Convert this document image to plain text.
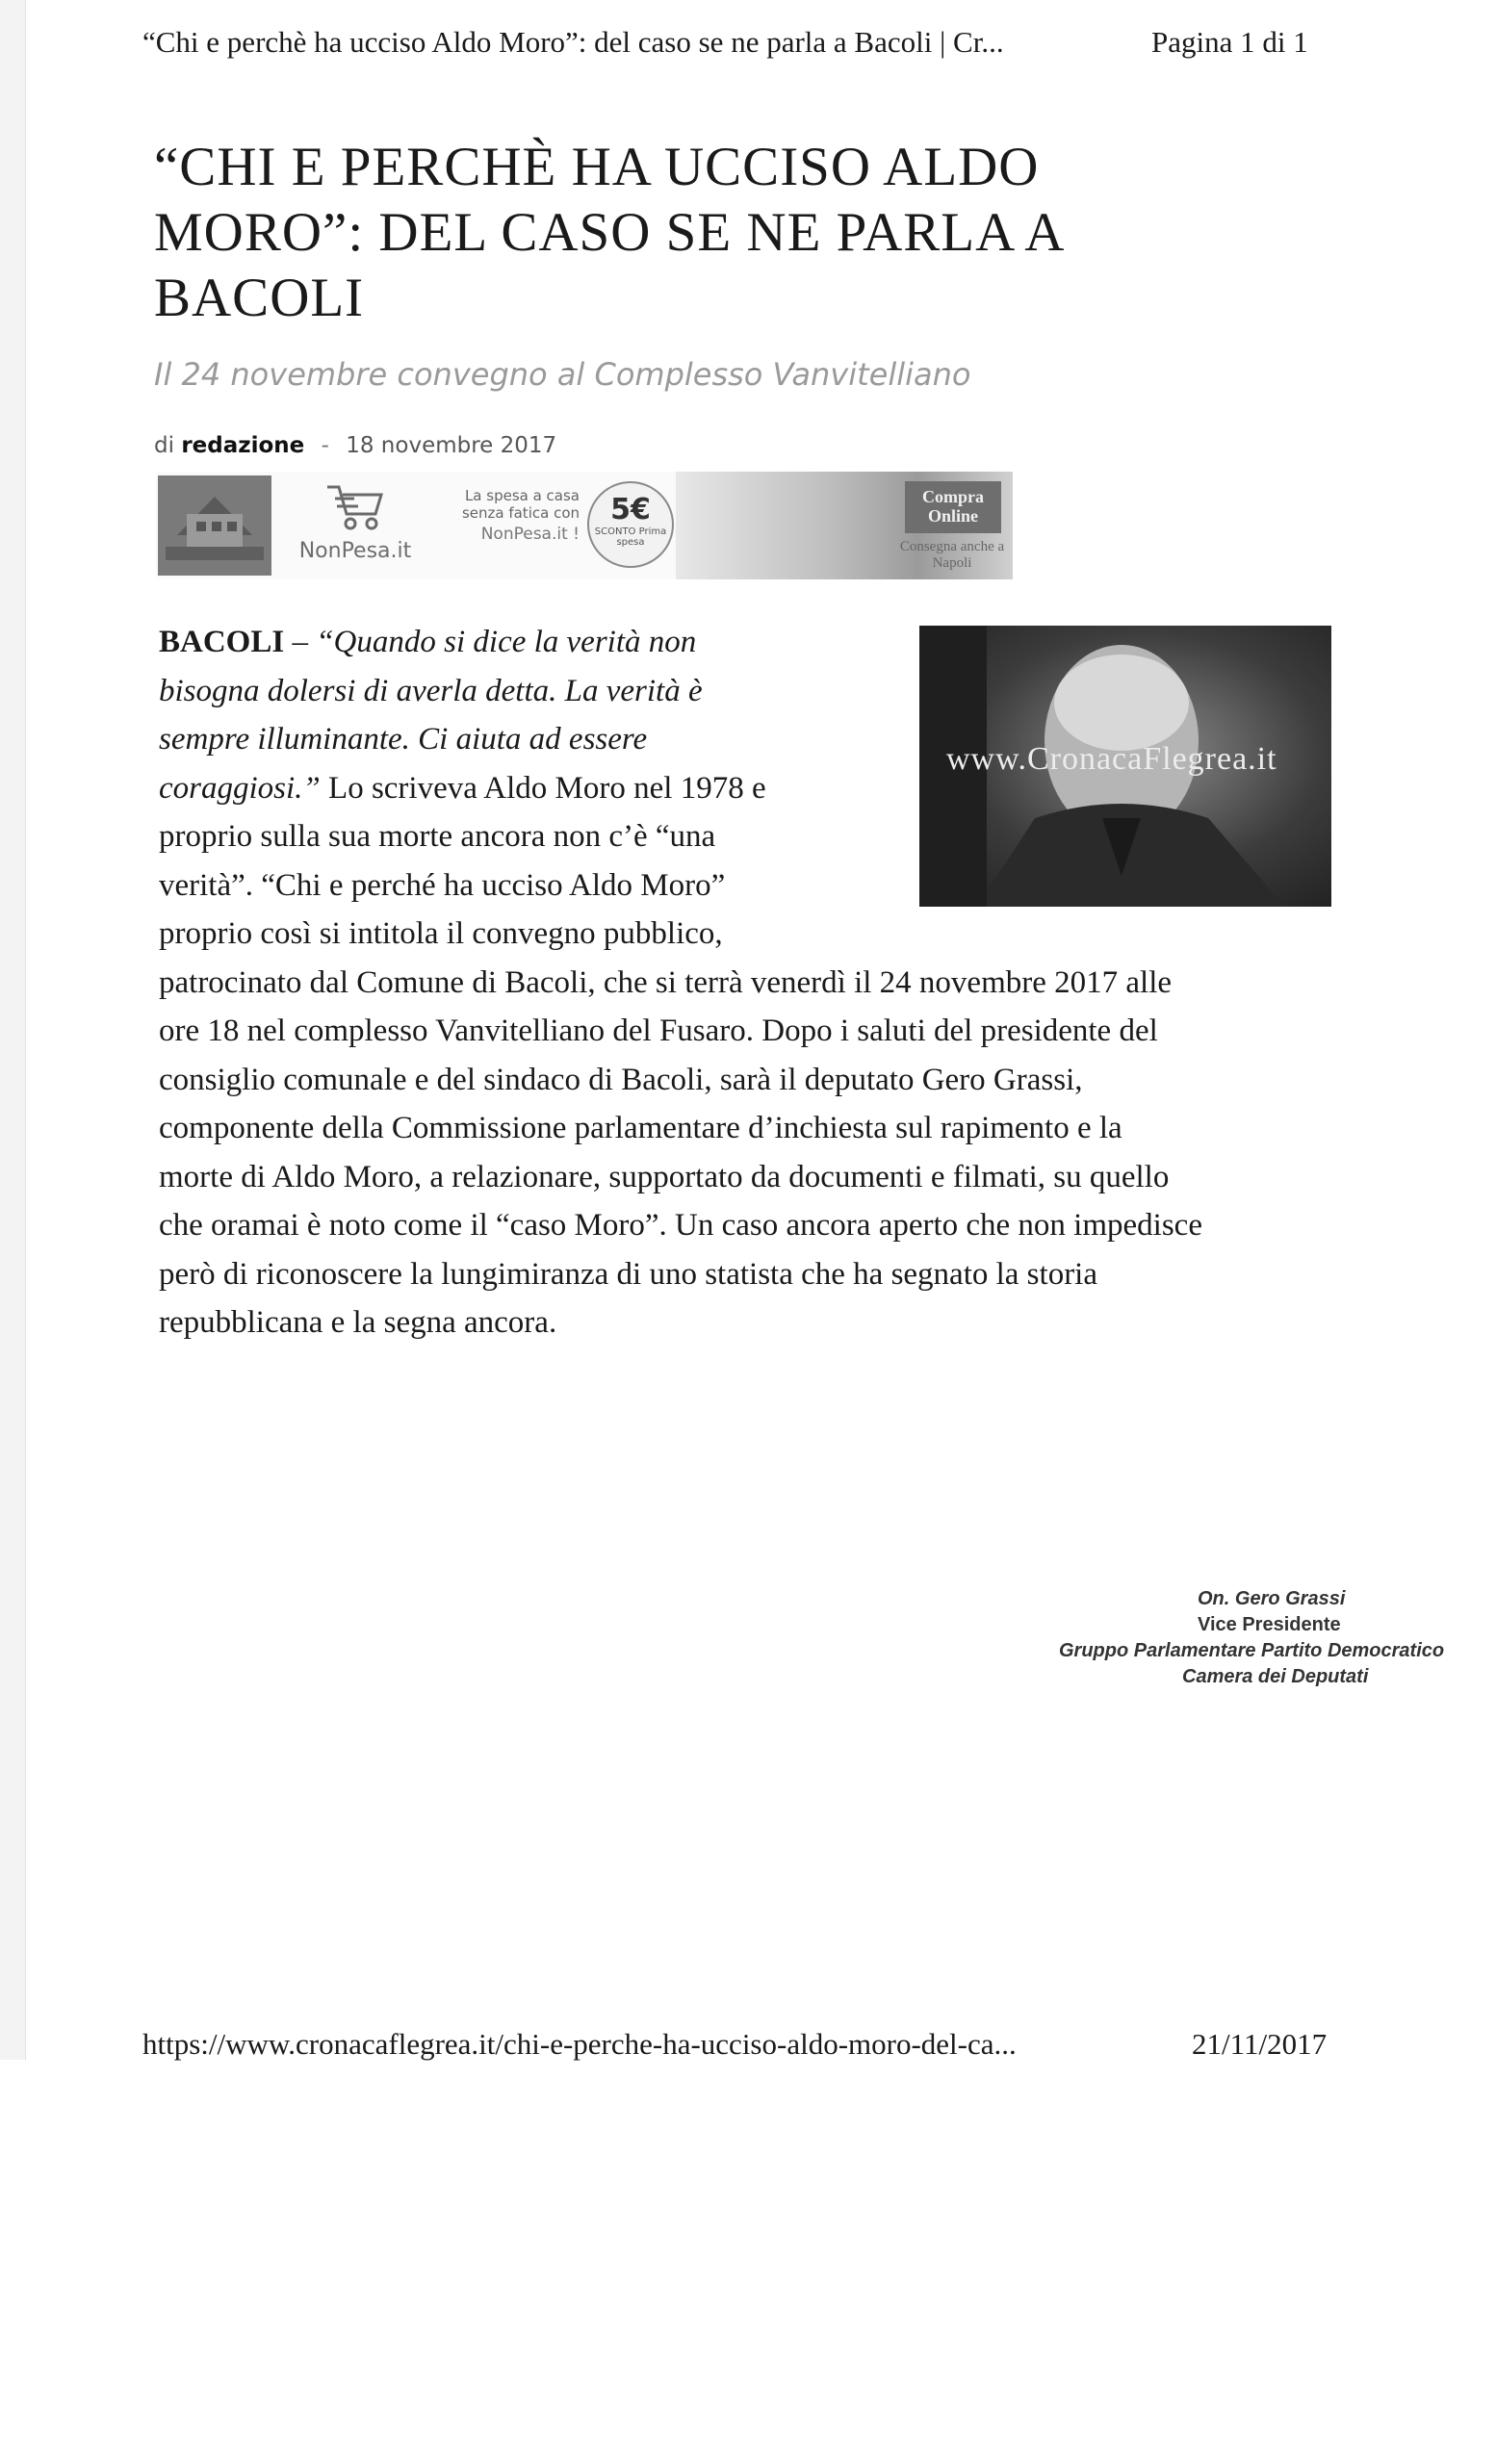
“Chi e perchè ha ucciso Aldo Moro”: del caso se ne parla a Bacoli | Cr...	Pagina 1 di 1
“CHI E PERCHÈ HA UCCISO ALDO MORO”: DEL CASO SE NE PARLA A BACOLI
Il 24 novembre convegno al Complesso Vanvitelliano
di redazione - 18 novembre 2017
NonPesa.it
La spesa a casa senza fatica con
NonPesa.it !
5€
SCONTO Prima spesa
Compra Online
Consegna anche a Napoli
www.CronacaFlegrea.it
BACOLI – “Quando si dice la verità non
bisogna dolersi di averla detta. La verità è
sempre illuminante. Ci aiuta ad essere
coraggiosi.” Lo scriveva Aldo Moro nel 1978 e
proprio sulla sua morte ancora non c’è “una
verità”. “Chi e perché ha ucciso Aldo Moro”
proprio così si intitola il convegno pubblico,
patrocinato dal Comune di Bacoli, che si terrà venerdì il 24 novembre 2017 alle
ore 18 nel complesso Vanvitelliano del Fusaro. Dopo i saluti del presidente del
consiglio comunale e del sindaco di Bacoli, sarà il deputato Gero Grassi,
componente della Commissione parlamentare d’inchiesta sul rapimento e la
morte di Aldo Moro, a relazionare, supportato da documenti e filmati, su quello
che oramai è noto come il “caso Moro”. Un caso ancora aperto che non impedisce
però di riconoscere la lungimiranza di uno statista che ha segnato la storia
repubblicana e la segna ancora.
On. Gero Grassi
Vice Presidente
Gruppo Parlamentare Partito Democratico
Camera dei Deputati
https://www.cronacaflegrea.it/chi-e-perche-ha-ucciso-aldo-moro-del-ca...	21/11/2017
